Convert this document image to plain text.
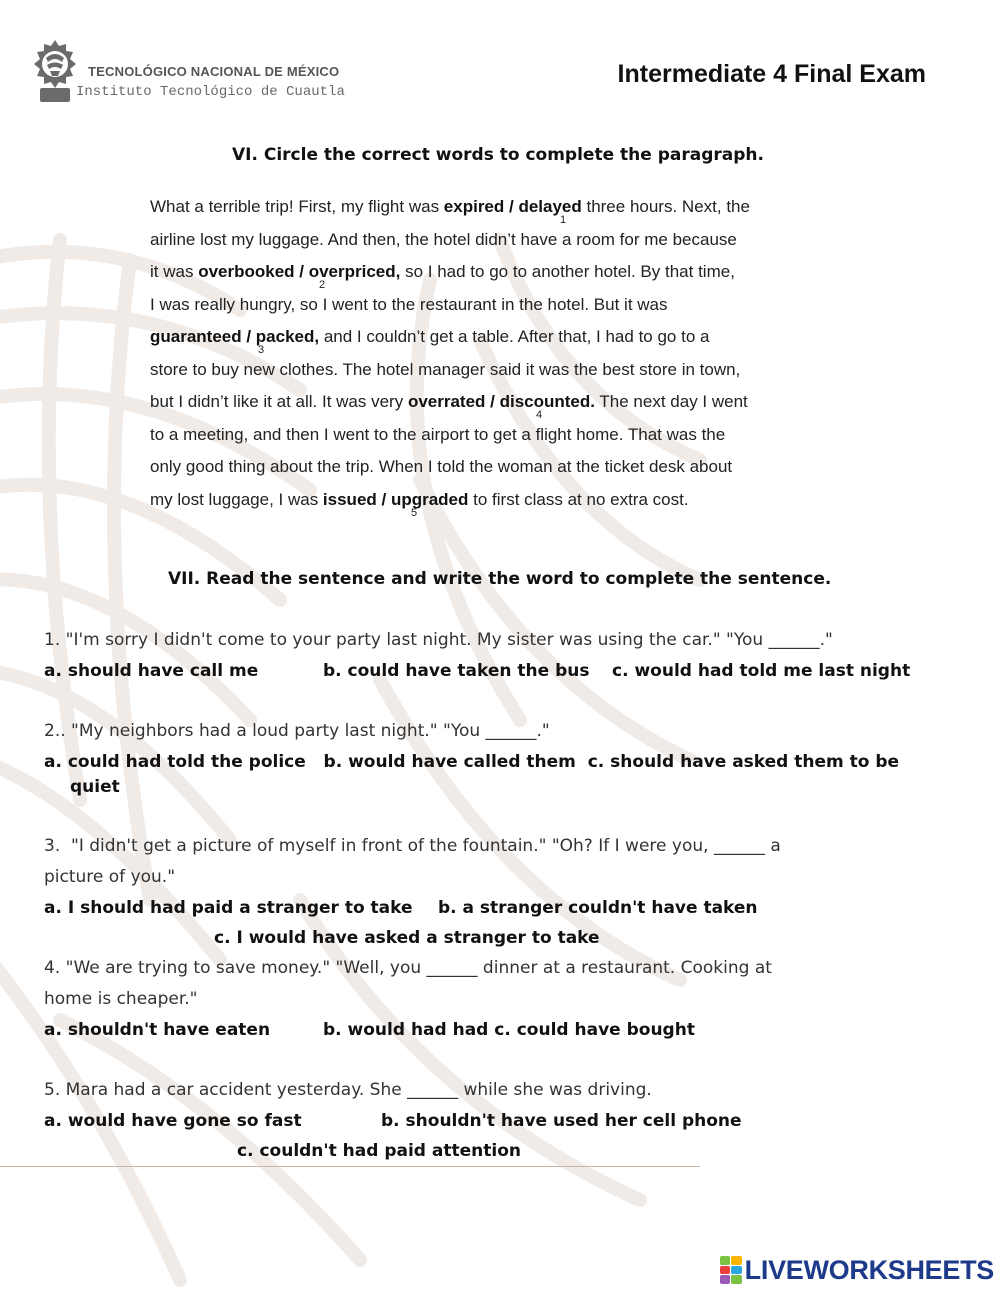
TECNOLÓGICO NACIONAL DE MÉXICO
Instituto Tecnológico de Cuautla
Intermediate 4 Final Exam
VI. Circle the correct words to complete the paragraph.
What a terrible trip! First, my flight was expired / delayed three hours. Next, the
airline lost my luggage. And then, the hotel didn’t have a room for me because
it was overbooked / overpriced, so I had to go to another hotel. By that time,
I was really hungry, so I went to the restaurant in the hotel. But it was
guaranteed / packed, and I couldn’t get a table. After that, I had to go to a
store to buy new clothes. The hotel manager said it was the best store in town,
but I didn’t like it at all. It was very overrated / discounted. The next day I went
to a meeting, and then I went to the airport to get a flight home. That was the
only good thing about the trip. When I told the woman at the ticket desk about
my lost luggage, I was issued / upgraded to first class at no extra cost.
1
2
3
4
5
VII. Read the sentence and write the word to complete the sentence.
1. "I'm sorry I didn't come to your party last night. My sister was using the car." "You ______."
a. should have call me	b. could have taken the bus c. would had told me last night
2.. "My neighbors had a loud party last night." "You ______."
a. could had told the police   b. would have called them  c. should have asked them to be
quiet
3.  "I didn't get a picture of myself in front of the fountain." "Oh? If I were you, ______ a
picture of you."
a. I should had paid a stranger to take b. a stranger couldn't have taken
c. I would have asked a stranger to take
4. "We are trying to save money." "Well, you ______ dinner at a restaurant. Cooking at
home is cheaper."
a. shouldn't have eaten	b. would had had c. could have bought
5. Mara had a car accident yesterday. She ______ while she was driving.
a. would have gone so fast	b. shouldn't have used her cell phone
c. couldn't had paid attention
LIVEWORKSHEETS
